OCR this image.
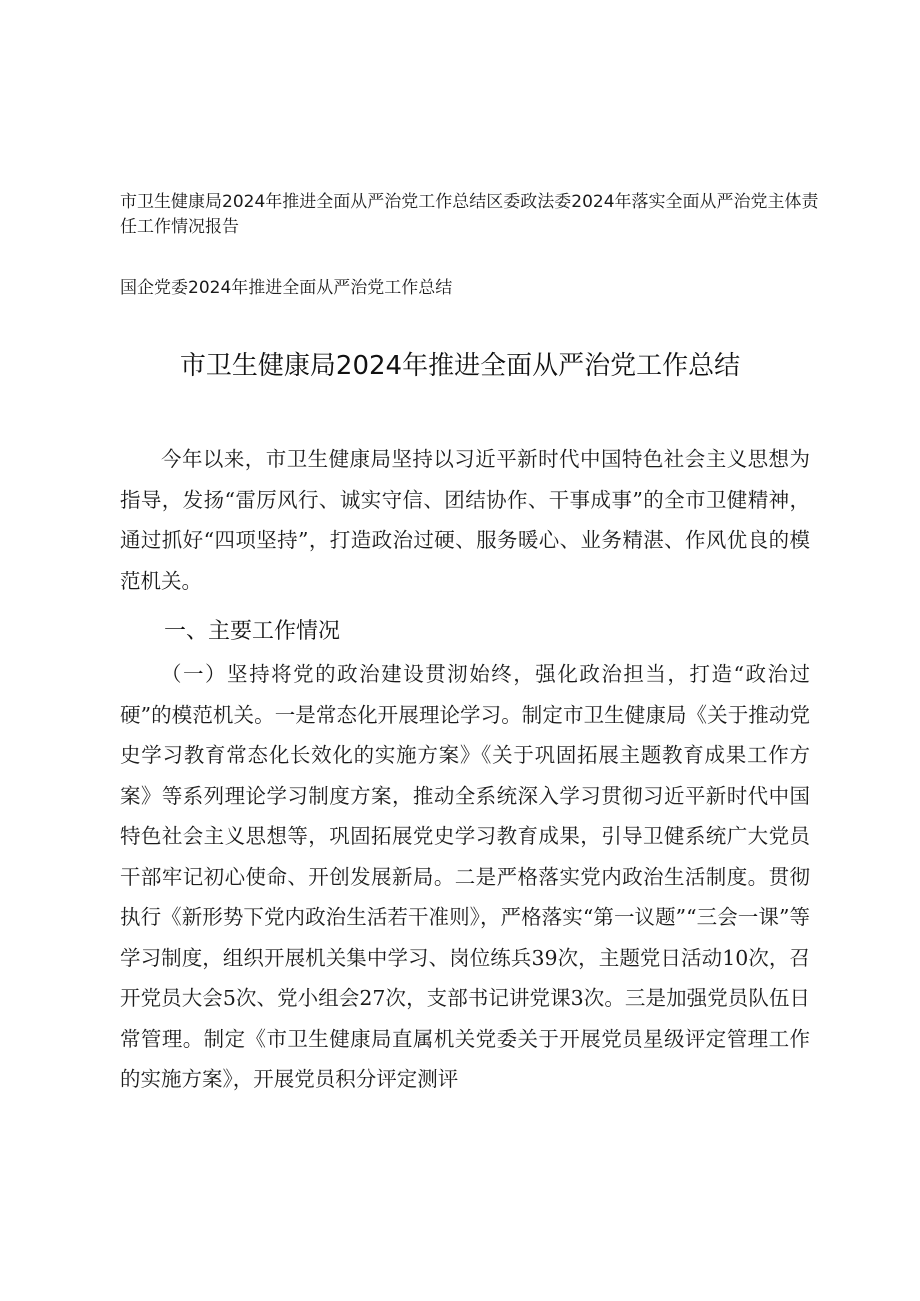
市卫生健康局2024年推进全面从严治党工作总结区委政法委2024年落实全面从严治党主体责任工作情况报告
国企党委2024年推进全面从严治党工作总结
市卫生健康局2024年推进全面从严治党工作总结

今年以来，市卫生健康局坚持以习近平新时代中国特色社会主义思想为指导，发扬“雷厉风行、诚实守信、团结协作、干事成事”的全市卫健精神，通过抓好“四项坚持”，打造政治过硬、服务暖心、业务精湛、作风优良的模范机关。

一、主要工作情况

（一）坚持将党的政治建设贯沏始终，强化政治担当，打造“政治过硬”的模范机关。一是常态化开展理论学习。制定市卫生健康局《关于推动党史学习教育常态化长效化的实施方案》《关于巩固拓展主题教育成果工作方案》等系列理论学习制度方案，推动全系统深入学习贯彻习近平新时代中国特色社会主义思想等，巩固拓展党史学习教育成果，引导卫健系统广大党员干部牢记初心使命、开创发展新局。二是严格落实党内政治生活制度。贯彻执行《新形势下党内政治生活若干准则》，严格落实“第一议题”“三会一课”等学习制度，组织开展机关集中学习、岗位练兵39次，主题党日活动10次，召开党员大会5次、党小组会27次，支部书记讲党课3次。三是加强党员队伍日常管理。制定《市卫生健康局直属机关党委关于开展党员星级评定管理工作的实施方案》，开展党员积分评定测评
